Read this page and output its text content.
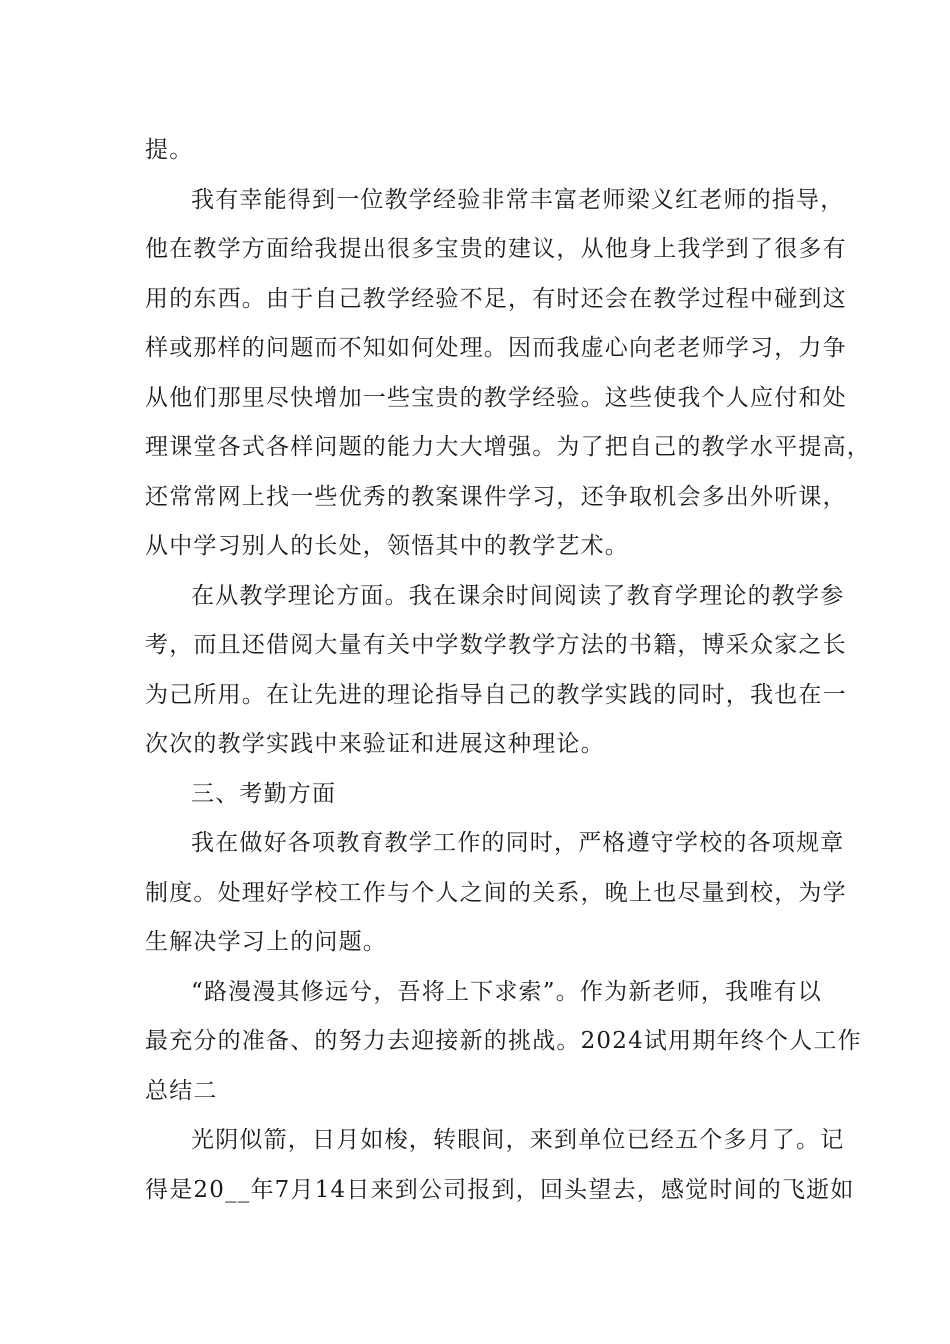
提。
我有幸能得到一位教学经验非常丰富老师梁义红老师的指导，
他在教学方面给我提出很多宝贵的建议，从他身上我学到了很多有
用的东西。由于自己教学经验不足，有时还会在教学过程中碰到这
样或那样的问题而不知如何处理。因而我虚心向老老师学习，力争
从他们那里尽快增加一些宝贵的教学经验。这些使我个人应付和处
理课堂各式各样问题的能力大大增强。为了把自己的教学水平提高，
还常常网上找一些优秀的教案课件学习，还争取机会多出外听课，
从中学习别人的长处，领悟其中的教学艺术。
在从教学理论方面。我在课余时间阅读了教育学理论的教学参
考，而且还借阅大量有关中学数学教学方法的书籍，博采众家之长
为己所用。在让先进的理论指导自己的教学实践的同时，我也在一
次次的教学实践中来验证和进展这种理论。
三、考勤方面
我在做好各项教育教学工作的同时，严格遵守学校的各项规章
制度。处理好学校工作与个人之间的关系，晚上也尽量到校，为学
生解决学习上的问题。
“路漫漫其修远兮，吾将上下求索”。作为新老师，我唯有以
最充分的准备、的努力去迎接新的挑战。2024试用期年终个人工作
总结二
光阴似箭，日月如梭，转眼间，来到单位已经五个多月了。记
得是20__年7月14日来到公司报到，回头望去，感觉时间的飞逝如
